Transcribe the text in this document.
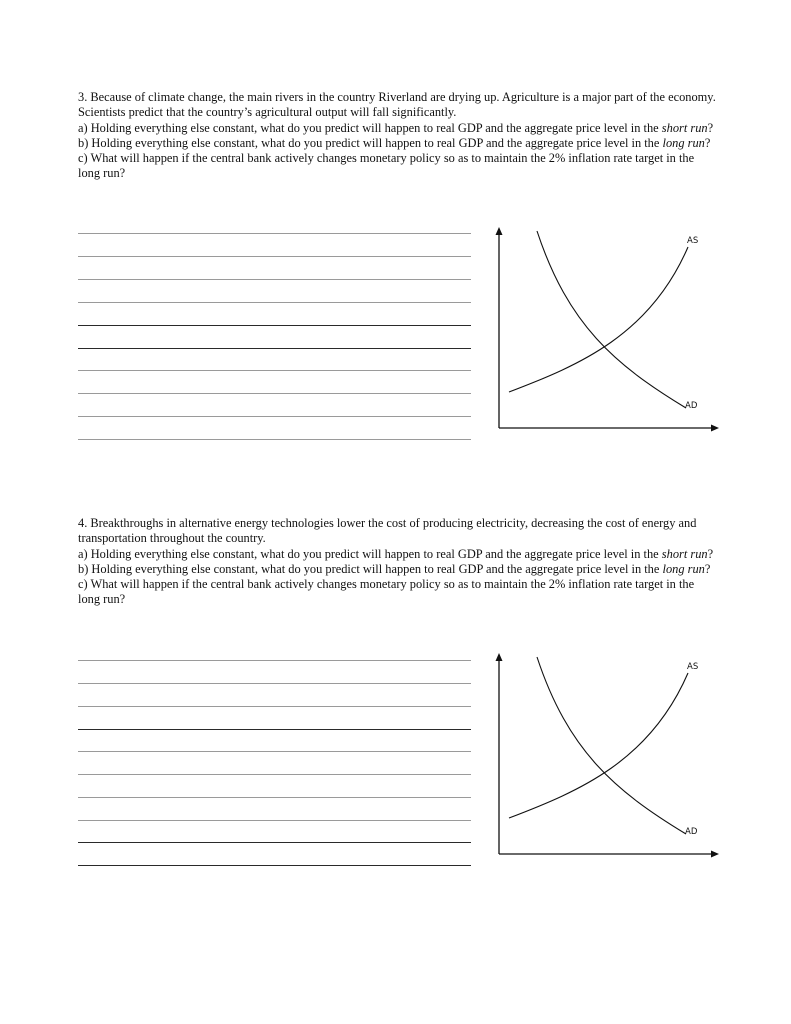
3. Because of climate change, the main rivers in the country Riverland are drying up. Agriculture is a major part of the economy. Scientists predict that the country’s agricultural output will fall significantly.

a) Holding everything else constant, what do you predict will happen to real GDP and the aggregate price level in the short run?

b) Holding everything else constant, what do you predict will happen to real GDP and the aggregate price level in the long run?

c) What will happen if the central bank actively changes monetary policy so as to maintain the 2% inflation rate target in the long run?

AS
AD

4. Breakthroughs in alternative energy technologies lower the cost of producing electricity, decreasing the cost of energy and transportation throughout the country.

a) Holding everything else constant, what do you predict will happen to real GDP and the aggregate price level in the short run?

b) Holding everything else constant, what do you predict will happen to real GDP and the aggregate price level in the long run?

c) What will happen if the central bank actively changes monetary policy so as to maintain the 2% inflation rate target in the long run?

AS
AD
